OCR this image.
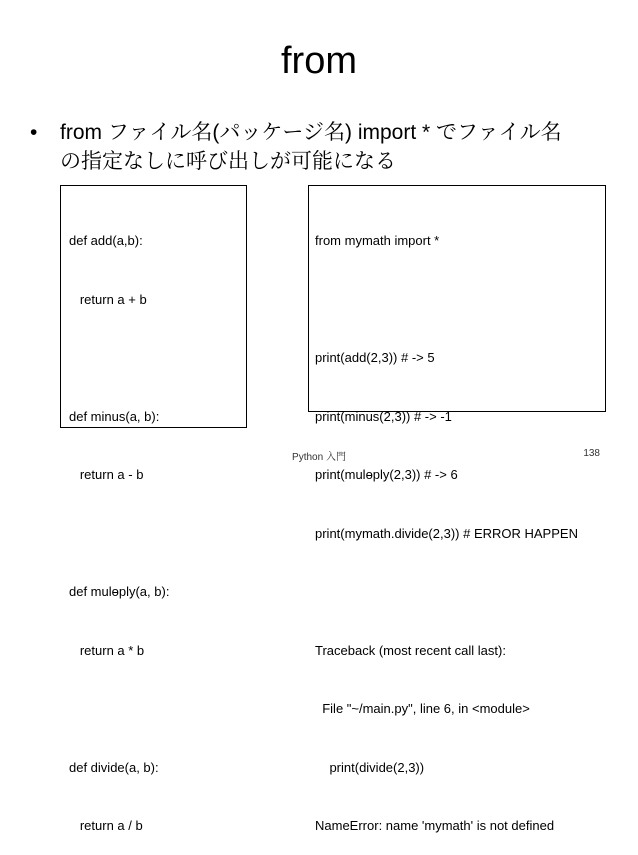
from
•	from ファイル名(パッケージ名) import * でファイル名
の指定なしに呼び出しが可能になる

def add(a,b):

return a + b

def minus(a, b):

return a - b

def mulɵply(a, b):

return a * b

def divide(a, b):

return a / b

from mymath import *

print(add(2,3)) # -> 5

print(minus(2,3)) # -> -1

print(mulɵply(2,3)) # -> 6

print(mymath.divide(2,3)) # ERROR HAPPEN

Traceback (most recent call last):

File "~/main.py", line 6, in <module>

print(divide(2,3))

NameError: name 'mymath' is not defined

Python 入門	138
